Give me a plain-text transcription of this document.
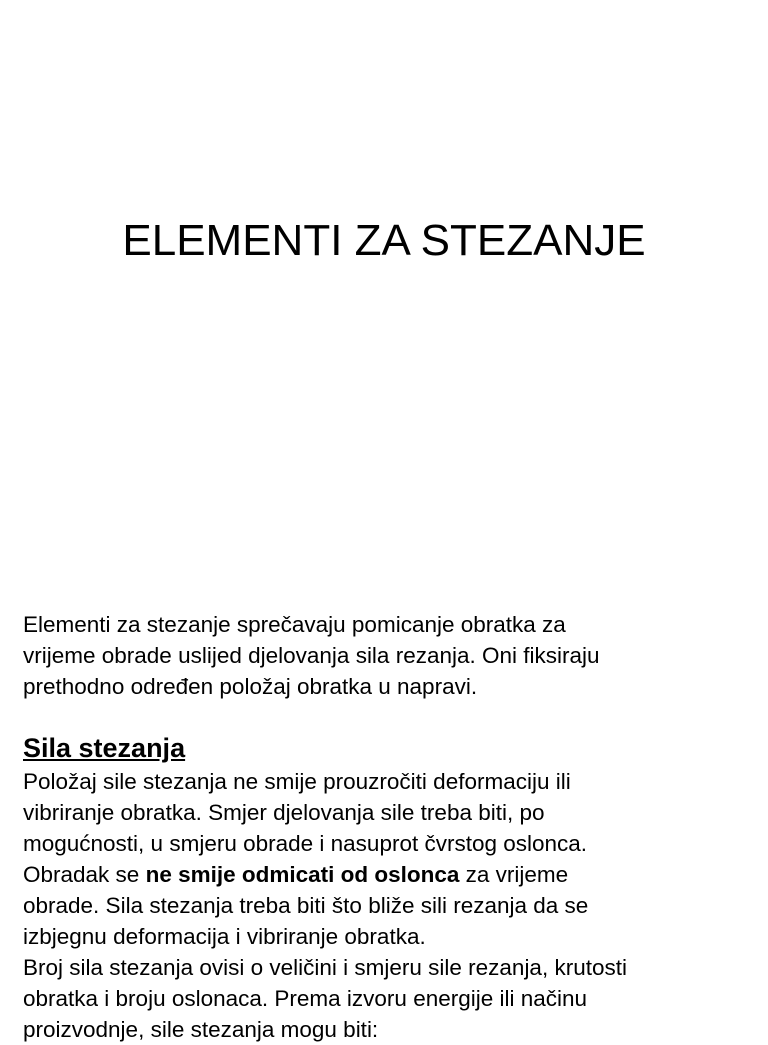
ELEMENTI ZA STEZANJE

Elementi za stezanje sprečavaju pomicanje obratka za
vrijeme obrade uslijed djelovanja sila rezanja. Oni fiksiraju
prethodno određen položaj obratka u napravi.

Sila stezanja

Položaj sile stezanja ne smije prouzročiti deformaciju ili
vibriranje obratka. Smjer djelovanja sile treba biti, po
mogućnosti, u smjeru obrade i nasuprot čvrstog oslonca.
Obradak se ne smije odmicati od oslonca za vrijeme
obrade. Sila stezanja treba biti što bliže sili rezanja da se
izbjegnu deformacija i vibriranje obratka.
Broj sila stezanja ovisi o veličini i smjeru sile rezanja, krutosti
obratka i broju oslonaca. Prema izvoru energije ili načinu
proizvodnje, sile stezanja mogu biti:
